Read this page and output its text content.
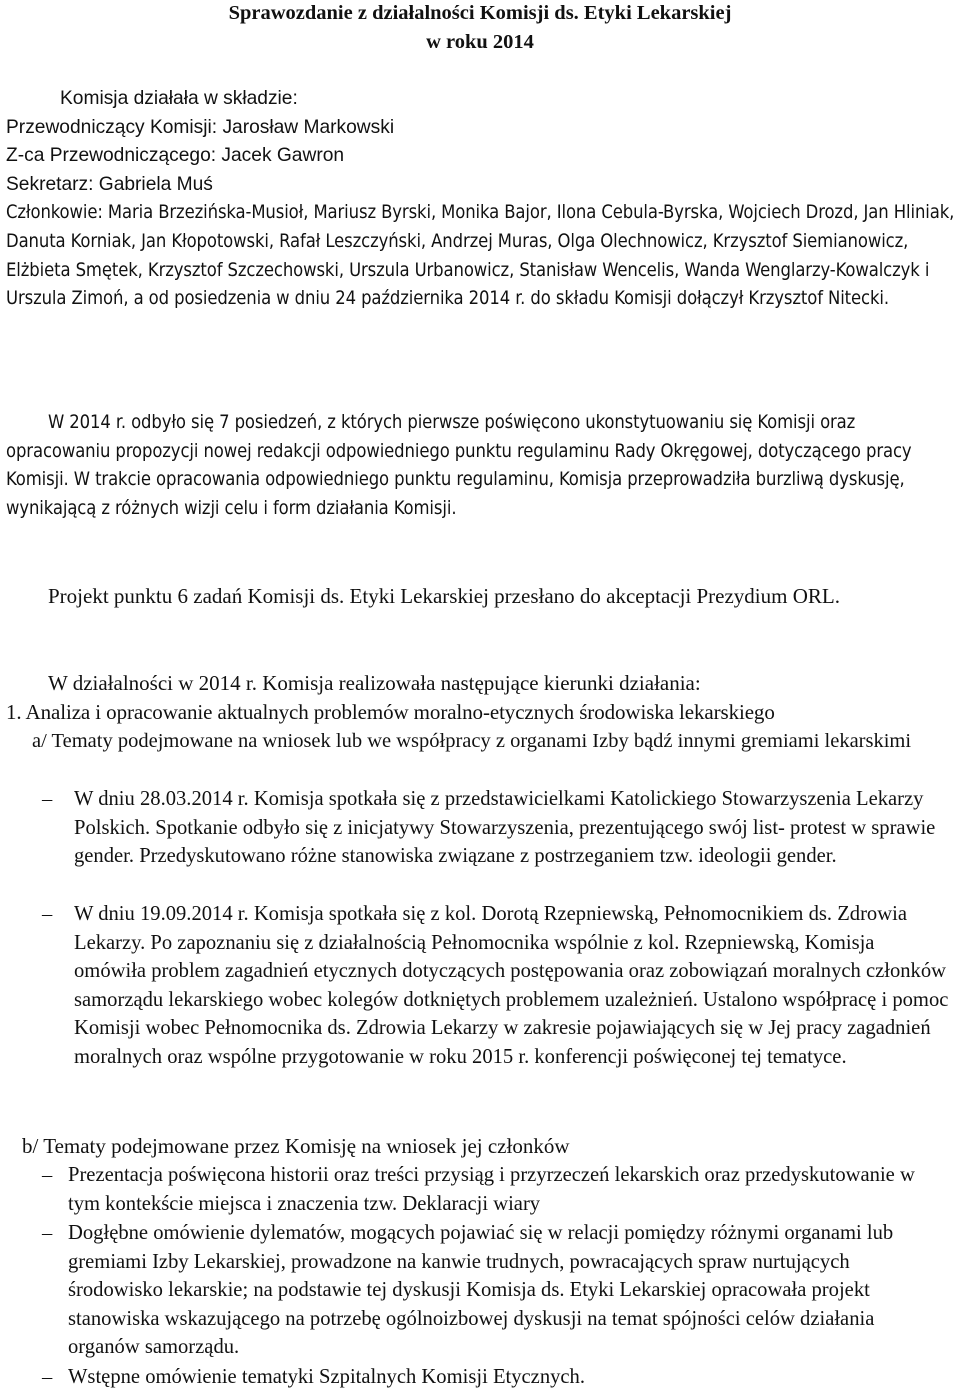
Sprawozdanie z działalności Komisji ds. Etyki Lekarskiej

w roku 2014

Komisja działała w składzie:
Przewodniczący Komisji: Jarosław Markowski
Z-ca Przewodniczącego: Jacek Gawron
Sekretarz: Gabriela Muś
Członkowie: Maria Brzezińska-Musioł, Mariusz Byrski, Monika Bajor, Ilona Cebula-Byrska, Wojciech Drozd, Jan Hliniak, Danuta Korniak, Jan Kłopotowski, Rafał Leszczyński, Andrzej Muras, Olga Olechnowicz, Krzysztof Siemianowicz, Elżbieta Smętek, Krzysztof Szczechowski, Urszula Urbanowicz, Stanisław Wencelis, Wanda Wenglarzy-Kowalczyk i Urszula Zimoń, a od posiedzenia w dniu 24 października 2014 r. do składu Komisji dołączył Krzysztof Nitecki.

W 2014 r. odbyło się 7 posiedzeń, z których pierwsze poświęcono ukonstytuowaniu się Komisji oraz opracowaniu propozycji nowej redakcji odpowiedniego punktu regulaminu Rady Okręgowej, dotyczącego pracy Komisji. W trakcie opracowania odpowiedniego punktu regulaminu, Komisja przeprowadziła burzliwą dyskusję, wynikającą z różnych wizji celu i form działania Komisji.

Projekt punktu 6 zadań Komisji ds. Etyki Lekarskiej przesłano do akceptacji Prezydium ORL.

W działalności w 2014 r. Komisja realizowała następujące kierunki działania:

1. Analiza i opracowanie aktualnych problemów moralno-etycznych środowiska lekarskiego

a/ Tematy podejmowane na wniosek lub we współpracy z organami Izby bądź innymi gremiami lekarskimi

–	W dniu 28.03.2014 r. Komisja spotkała się z przedstawicielkami Katolickiego Stowarzyszenia Lekarzy Polskich. Spotkanie odbyło się z inicjatywy Stowarzyszenia, prezentującego swój list- protest w sprawie gender. Przedyskutowano różne stanowiska związane z postrzeganiem tzw. ideologii gender.
–	W dniu 19.09.2014 r. Komisja spotkała się z kol. Dorotą Rzepniewską, Pełnomocnikiem ds. Zdrowia Lekarzy. Po zapoznaniu się z działalnością Pełnomocnika wspólnie z kol. Rzepniewską, Komisja omówiła problem zagadnień etycznych dotyczących postępowania oraz zobowiązań moralnych członków samorządu lekarskiego wobec kolegów dotkniętych problemem uzależnień. Ustalono współpracę i pomoc Komisji wobec Pełnomocnika ds. Zdrowia Lekarzy w zakresie pojawiających się w Jej pracy zagadnień moralnych oraz wspólne przygotowanie w roku 2015 r. konferencji poświęconej tej tematyce.

b/ Tematy podejmowane przez Komisję na wniosek jej członków

– Prezentacja poświęcona historii oraz treści przysiąg i przyrzeczeń lekarskich oraz przedyskutowanie w tym kontekście miejsca i znaczenia tzw. Deklaracji wiary
– Dogłębne omówienie dylematów, mogących pojawiać się w relacji pomiędzy różnymi organami lub gremiami Izby Lekarskiej, prowadzone na kanwie trudnych, powracających spraw nurtujących środowisko lekarskie; na podstawie tej dyskusji Komisja ds. Etyki Lekarskiej opracowała projekt stanowiska wskazującego na potrzebę ogólnoizbowej dyskusji na temat spójności celów działania organów samorządu.
– Wstępne omówienie tematyki Szpitalnych Komisji Etycznych.
